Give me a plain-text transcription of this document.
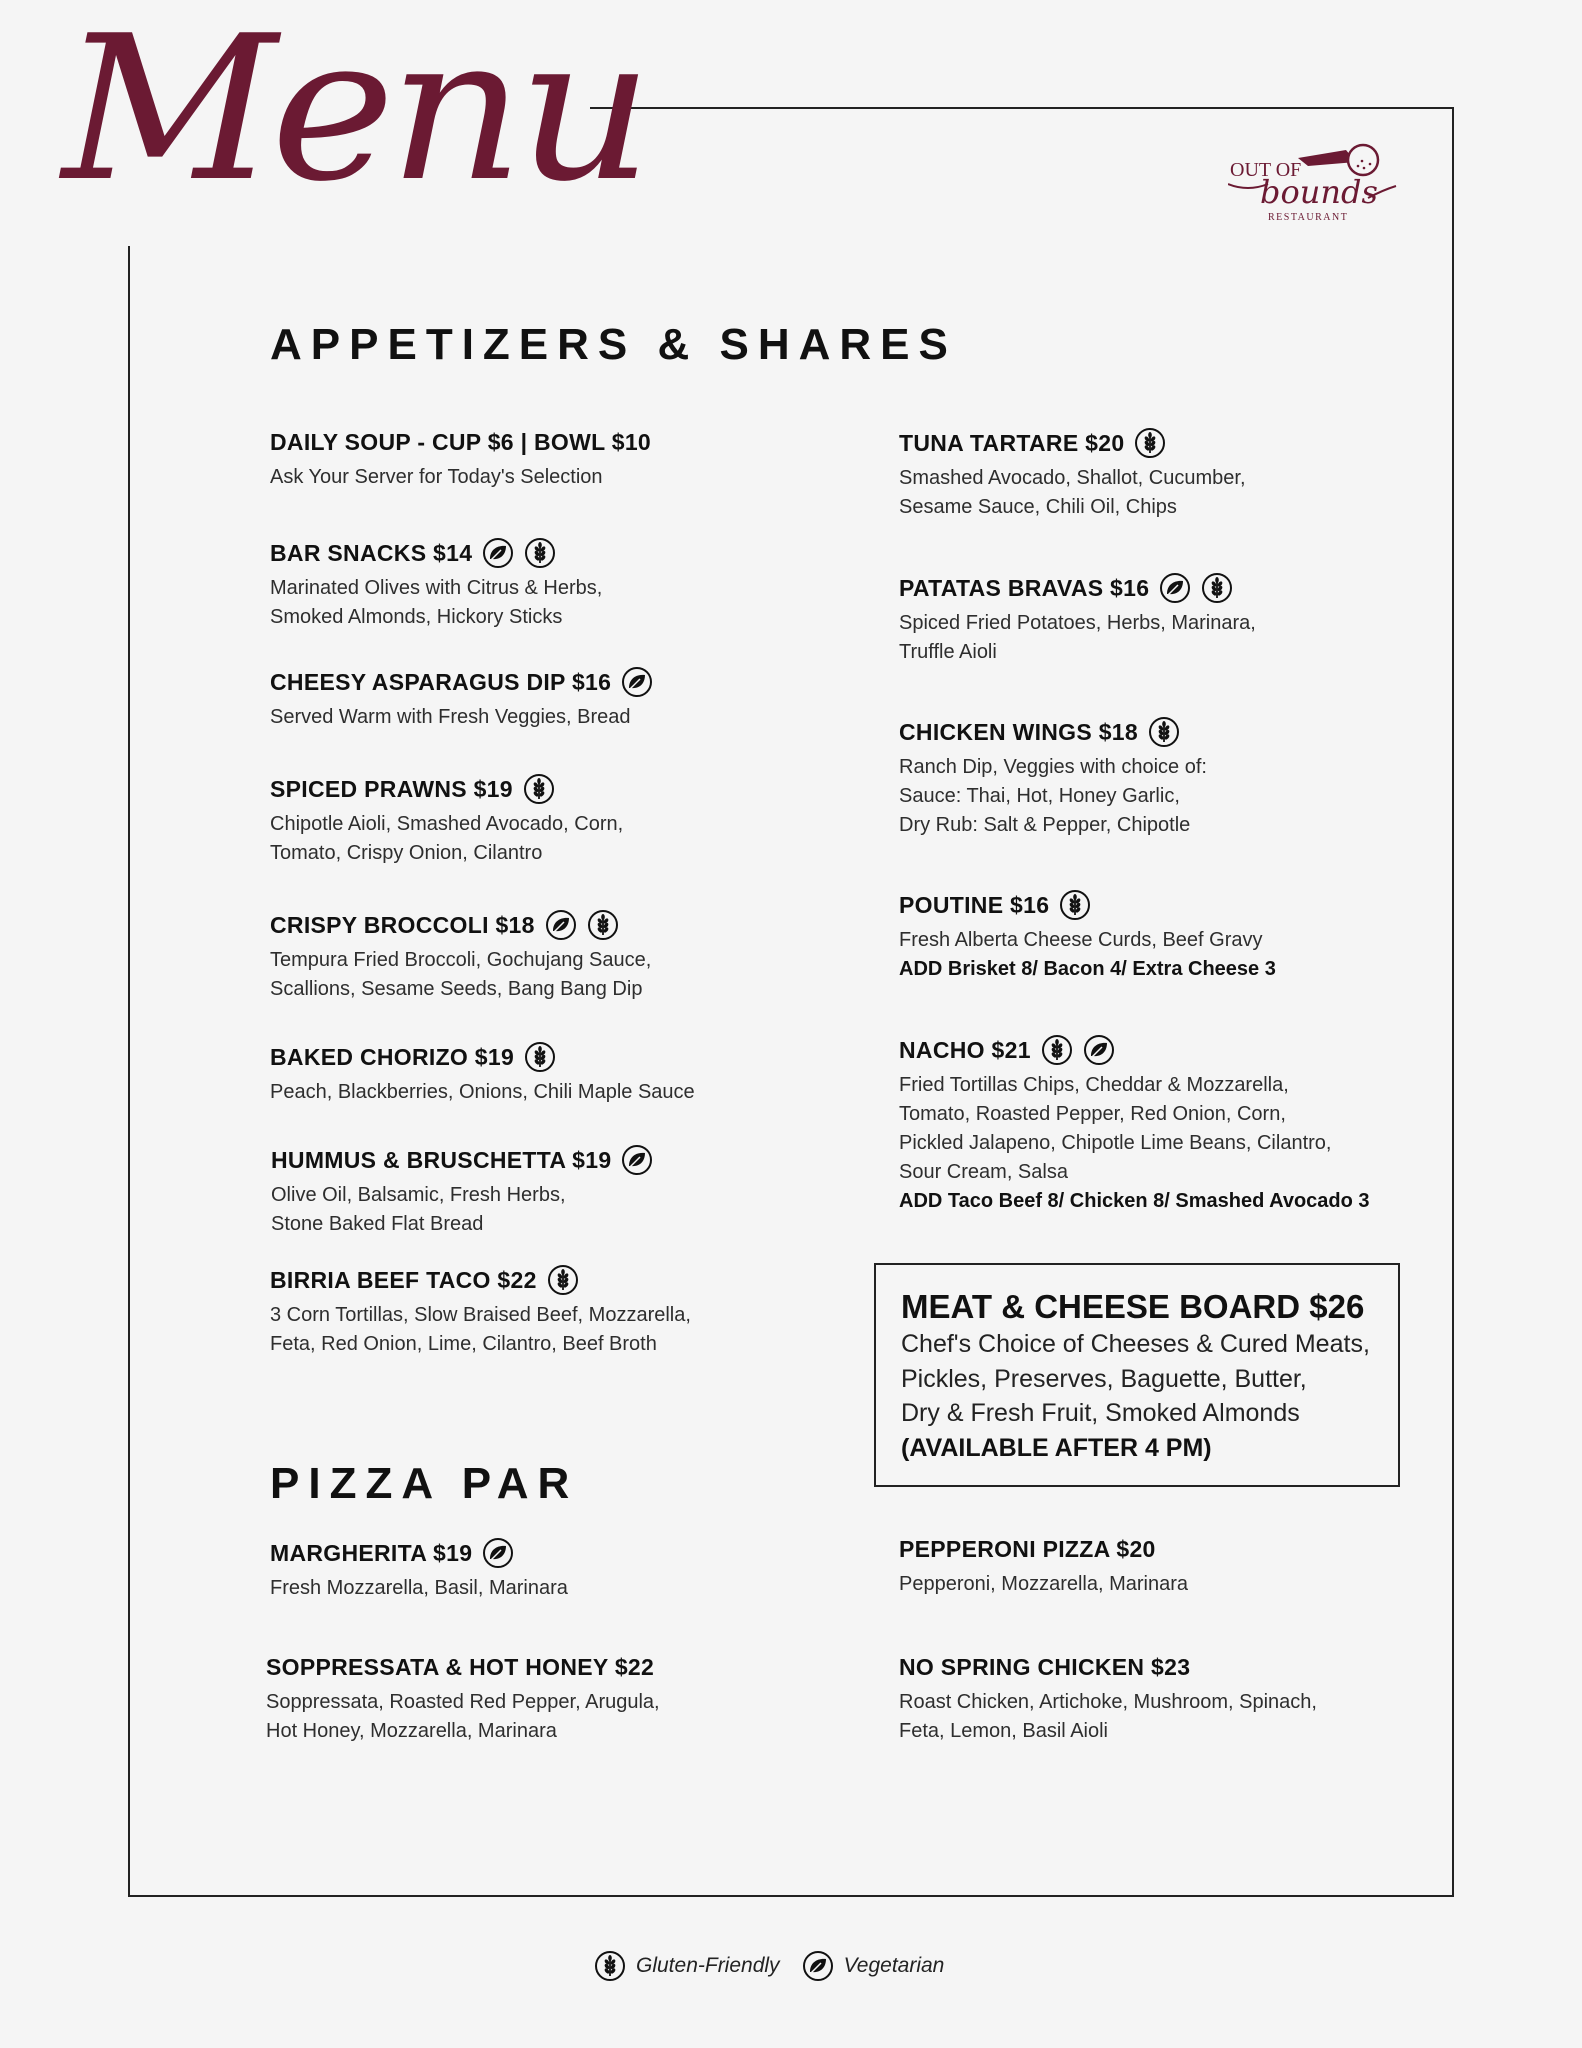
Menu	OUT OF
bounds
RESTAURANT
APPETIZERS & SHARES
PIZZA PAR
DAILY SOUP - CUP $6 | BOWL $10
Ask Your Server for Today's Selection
BAR SNACKS $14
Marinated Olives with Citrus & Herbs,
Smoked Almonds, Hickory Sticks
CHEESY ASPARAGUS DIP $16
Served Warm with Fresh Veggies, Bread
SPICED PRAWNS $19
Chipotle Aioli, Smashed Avocado, Corn,
Tomato, Crispy Onion, Cilantro
CRISPY BROCCOLI $18
Tempura Fried Broccoli, Gochujang Sauce,
Scallions, Sesame Seeds, Bang Bang Dip
BAKED CHORIZO $19
Peach, Blackberries, Onions, Chili Maple Sauce
HUMMUS & BRUSCHETTA $19
Olive Oil, Balsamic, Fresh Herbs,
Stone Baked Flat Bread
BIRRIA BEEF TACO $22
3 Corn Tortillas, Slow Braised Beef, Mozzarella,
Feta, Red Onion, Lime, Cilantro, Beef Broth
TUNA TARTARE $20
Smashed Avocado, Shallot, Cucumber,
Sesame Sauce, Chili Oil, Chips
PATATAS BRAVAS $16
Spiced Fried Potatoes, Herbs, Marinara,
Truffle Aioli
CHICKEN WINGS $18
Ranch Dip, Veggies with choice of:
Sauce: Thai, Hot, Honey Garlic,
Dry Rub: Salt & Pepper, Chipotle
POUTINE $16
Fresh Alberta Cheese Curds, Beef Gravy
ADD Brisket 8/ Bacon 4/ Extra Cheese 3
NACHO $21
Fried Tortillas Chips, Cheddar & Mozzarella,
Tomato, Roasted Pepper, Red Onion, Corn,
Pickled Jalapeno, Chipotle Lime Beans, Cilantro,
Sour Cream, Salsa
ADD Taco Beef 8/ Chicken 8/ Smashed Avocado 3
MARGHERITA $19
Fresh Mozzarella, Basil, Marinara
SOPPRESSATA & HOT HONEY $22
Soppressata, Roasted Red Pepper, Arugula,
Hot Honey, Mozzarella, Marinara
PEPPERONI PIZZA $20
Pepperoni, Mozzarella, Marinara
NO SPRING CHICKEN $23
Roast Chicken, Artichoke, Mushroom, Spinach,
Feta, Lemon, Basil Aioli
MEAT & CHEESE BOARD $26
Chef's Choice of Cheeses & Cured Meats,
Pickles, Preserves, Baguette, Butter,
Dry & Fresh Fruit, Smoked Almonds
(AVAILABLE AFTER 4 PM)
Gluten-Friendly	Vegetarian
